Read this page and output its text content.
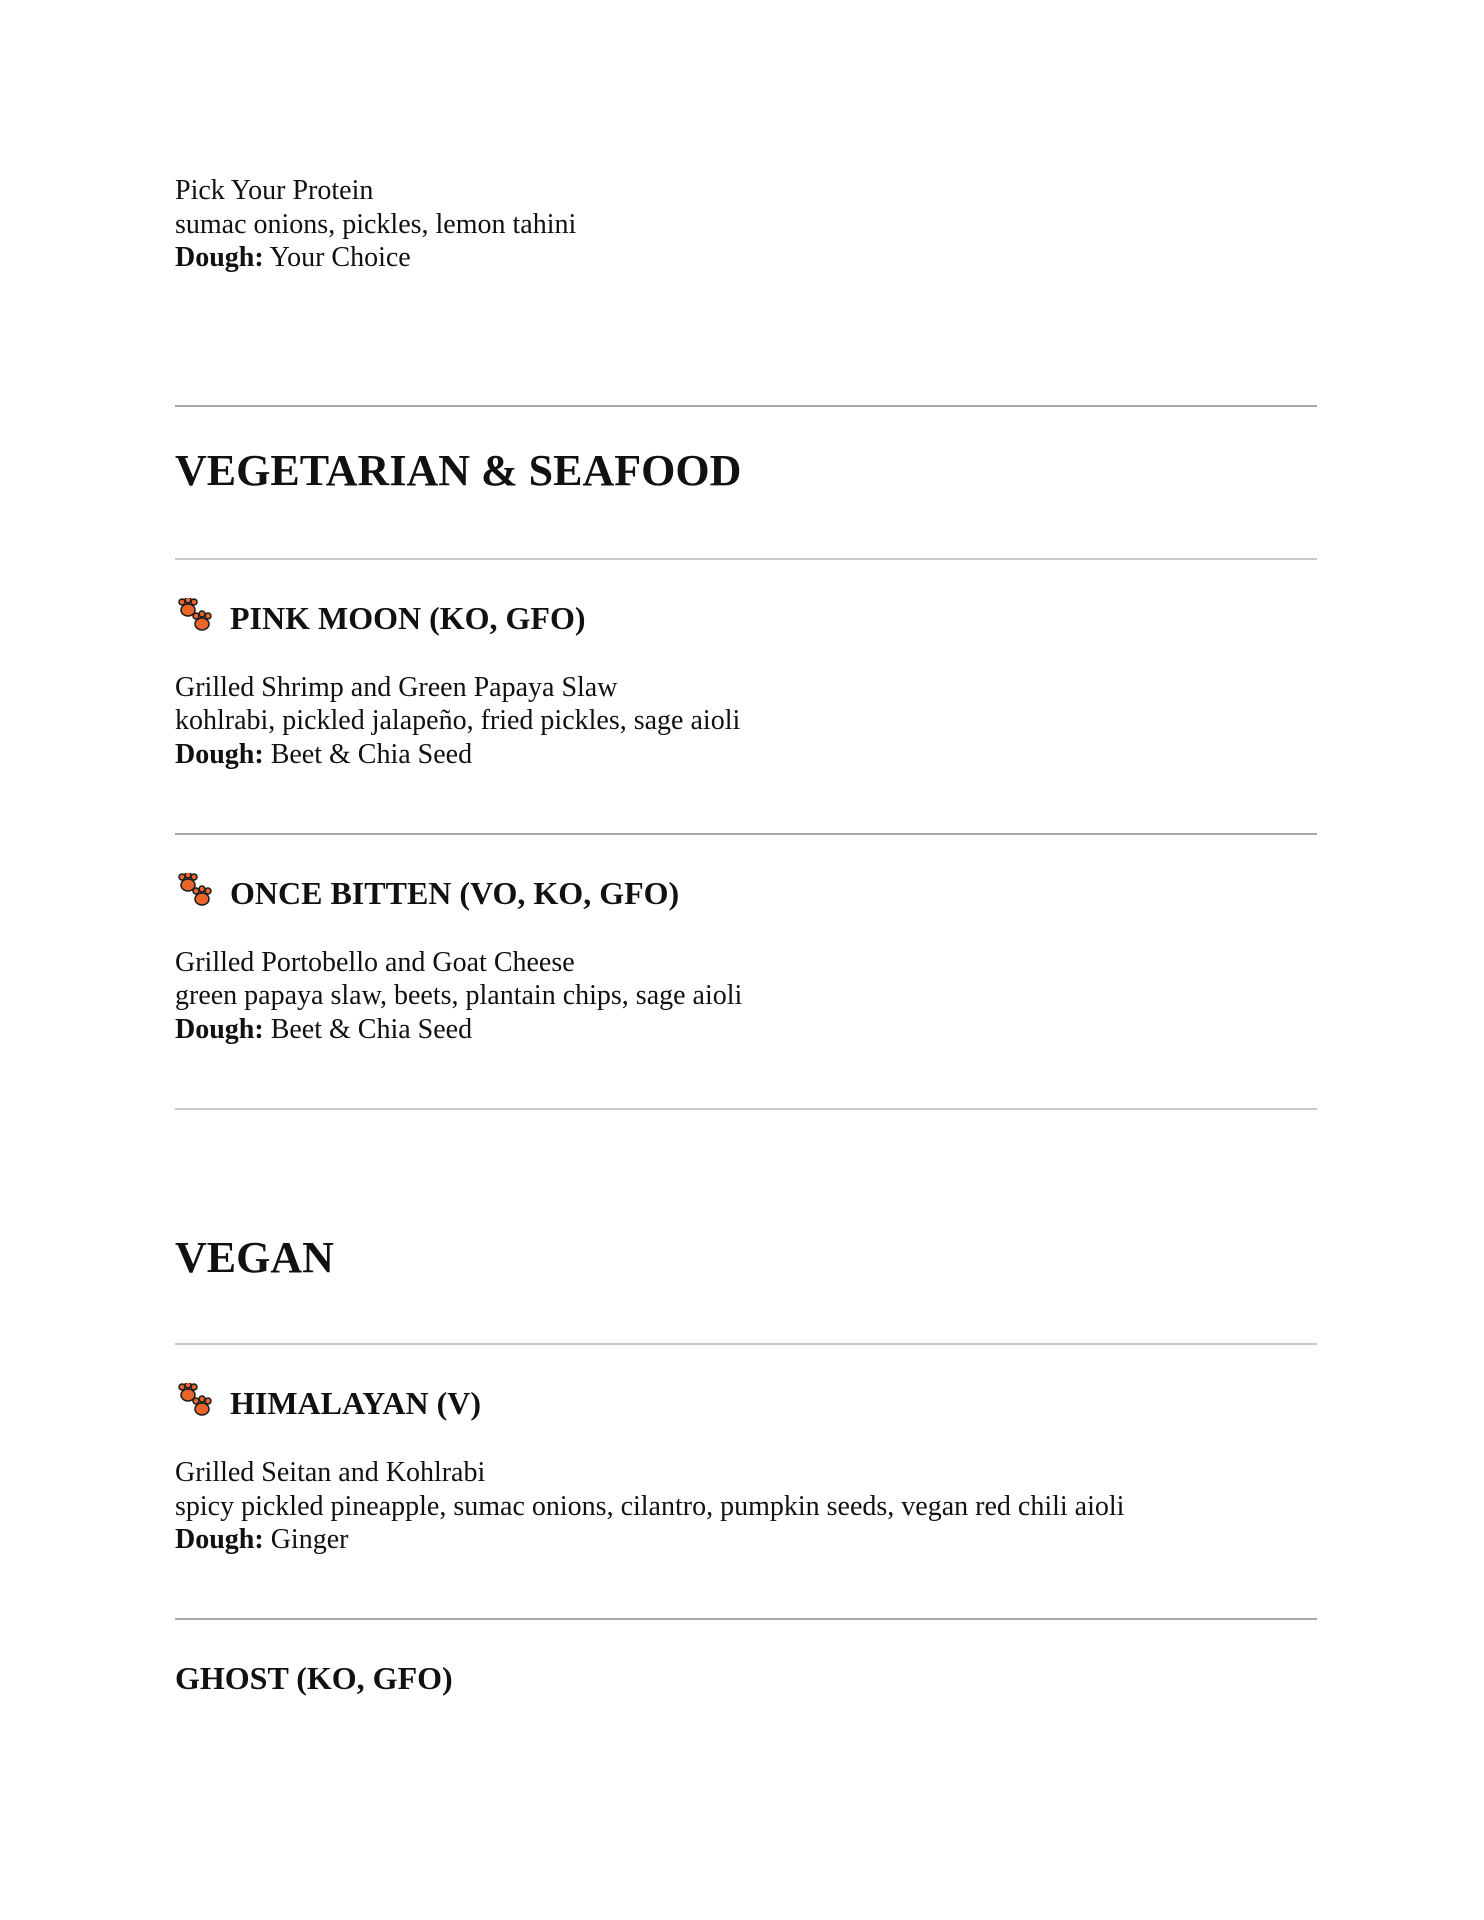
Pick Your Protein
sumac onions, pickles, lemon tahini
Dough: Your Choice
VEGETARIAN & SEAFOOD
PINK MOON (KO, GFO)
Grilled Shrimp and Green Papaya Slaw
kohlrabi, pickled jalapeño, fried pickles, sage aioli
Dough: Beet & Chia Seed
ONCE BITTEN (VO, KO, GFO)
Grilled Portobello and Goat Cheese
green papaya slaw, beets, plantain chips, sage aioli
Dough: Beet & Chia Seed
VEGAN
HIMALAYAN (V)
Grilled Seitan and Kohlrabi
spicy pickled pineapple, sumac onions, cilantro, pumpkin seeds, vegan red chili aioli
Dough: Ginger
GHOST (KO, GFO)
